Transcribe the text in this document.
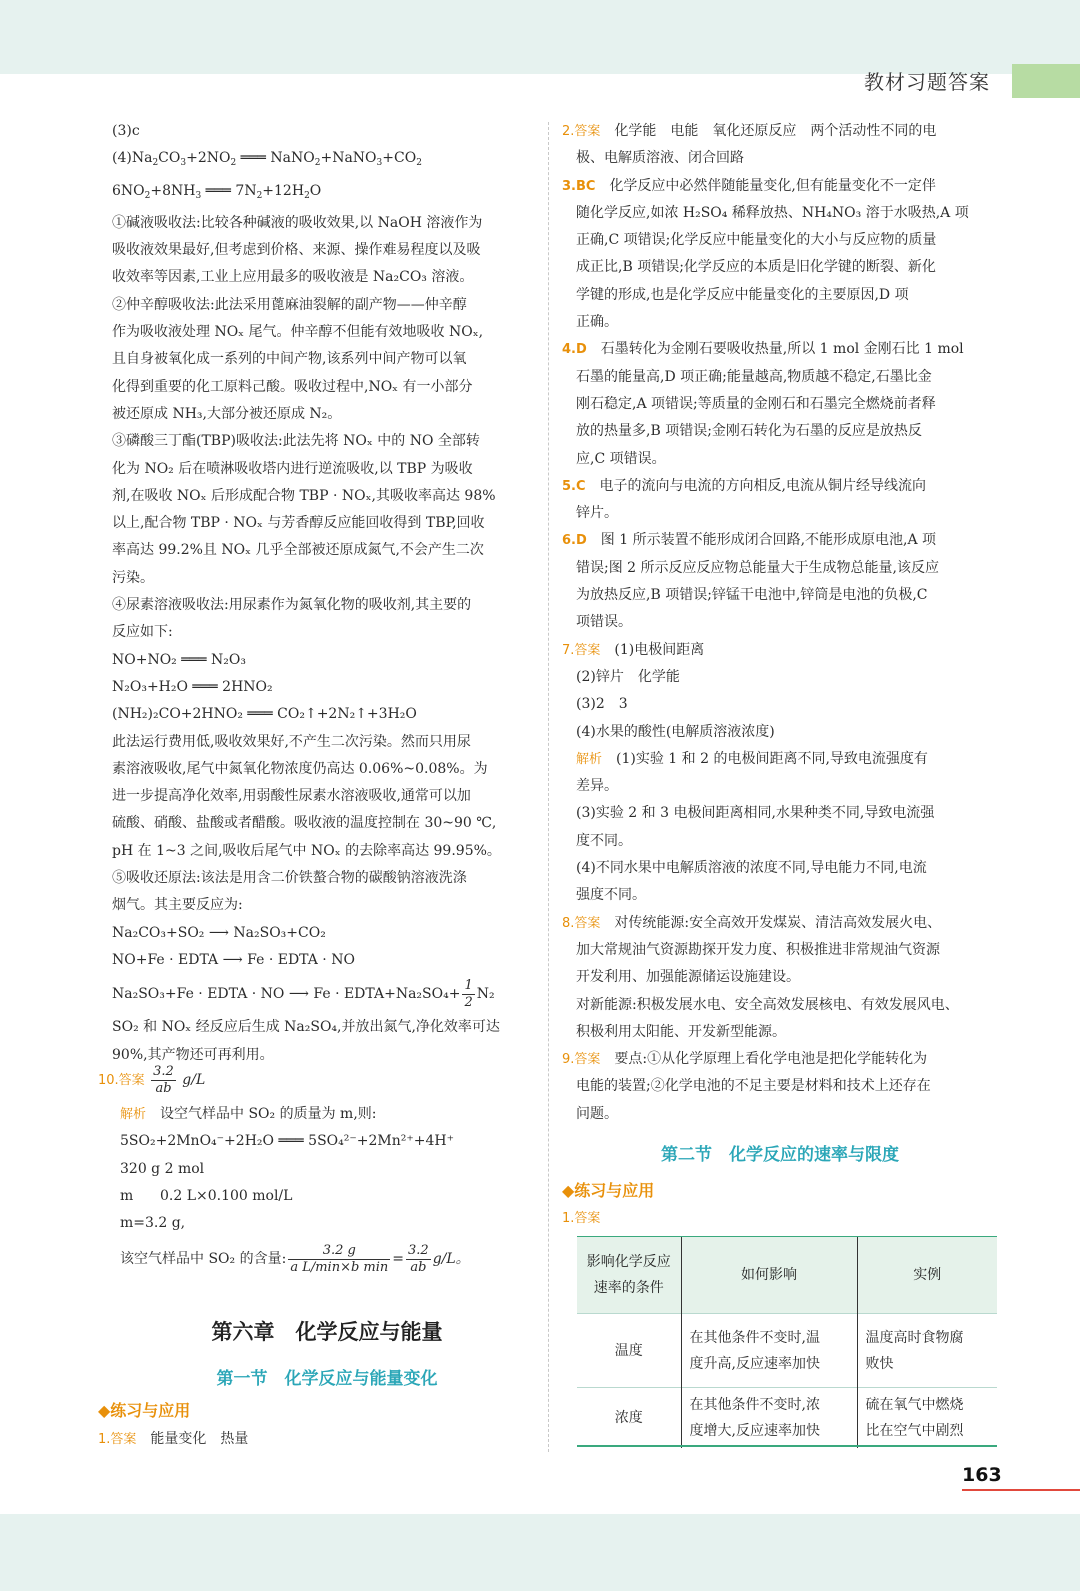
教材习题答案
(3)c
$(4)Na_2CO_3+2NO_2$ ═══ $NaNO_2+NaNO_3+CO_2$
$6NO_2+8NH_3$ ═══ $7N_2+12H_2O$
①碱液吸收法:比较各种碱液的吸收效果,以 NaOH 溶液作为
吸收液效果最好,但考虑到价格、来源、操作难易程度以及吸
收效率等因素,工业上应用最多的吸收液是 Na₂CO₃ 溶液。
②仲辛醇吸收法:此法采用蓖麻油裂解的副产物——仲辛醇
作为吸收液处理 NOₓ 尾气。仲辛醇不但能有效地吸收 NOₓ,
且自身被氧化成一系列的中间产物,该系列中间产物可以氧
化得到重要的化工原料己酸。吸收过程中,NOₓ 有一小部分
被还原成 NH₃,大部分被还原成 N₂。
③磷酸三丁酯(TBP)吸收法:此法先将 NOₓ 中的 NO 全部转
化为 NO₂ 后在喷淋吸收塔内进行逆流吸收,以 TBP 为吸收
剂,在吸收 NOₓ 后形成配合物 TBP · NOₓ,其吸收率高达 98%
以上,配合物 TBP · NOₓ 与芳香醇反应能回收得到 TBP,回收
率高达 99.2%且 NOₓ 几乎全部被还原成氮气,不会产生二次
污染。
④尿素溶液吸收法:用尿素作为氮氧化物的吸收剂,其主要的
反应如下:
NO+NO₂ ═══ N₂O₃
N₂O₃+H₂O ═══ 2HNO₂
(NH₂)₂CO+2HNO₂ ═══ CO₂↑+2N₂↑+3H₂O
此法运行费用低,吸收效果好,不产生二次污染。然而只用尿
素溶液吸收,尾气中氮氧化物浓度仍高达 0.06%~0.08%。为
进一步提高净化效率,用弱酸性尿素水溶液吸收,通常可以加
硫酸、硝酸、盐酸或者醋酸。吸收液的温度控制在 30~90 ℃,
pH 在 1~3 之间,吸收后尾气中 NOₓ 的去除率高达 99.95%。
⑤吸收还原法:该法是用含二价铁螯合物的碳酸钠溶液洗涤
烟气。其主要反应为:
Na₂CO₃+SO₂ ⟶ Na₂SO₃+CO₂
NO+Fe · EDTA ⟶ Fe · EDTA · NO
Na₂SO₃+Fe · EDTA · NO ⟶ Fe · EDTA+Na₂SO₄+ $\frac{1}{2} N_2$
SO₂ 和 NOₓ 经反应后生成 Na₂SO₄,并放出氮气,净化效率可达
90%,其产物还可再利用。
10.答案 $\frac{3.2}{ab} g/L$
解析　 设空气样品中 SO₂ 的质量为 m,则:
5SO₂+2MnO₄⁻+2H₂O ═══ 5SO₄²⁻+2Mn²⁺+4H⁺
320 g 2 mol
m      0.2 L×0.100 mol/L
m=3.2 g,
该空气样品中 SO₂ 的含量: $\frac{3.2 g}{\text{a L/min×b min}} = \frac{3.2}{ab} g/L$。
第六章　化学反应与能量
第一节　化学反应与能量变化
◆练习与应用
1.答案　 能量变化　热量
2.答案　 化学能　电能　氧化还原反应　两个活动性不同的电
极、电解质溶液、闭合回路
3.BC　 化学反应中必然伴随能量变化,但有能量变化不一定伴
随化学反应,如浓 H₂SO₄ 稀释放热、NH₄NO₃ 溶于水吸热,A 项
正确,C 项错误;化学反应中能量变化的大小与反应物的质量
成正比,B 项错误;化学反应的本质是旧化学键的断裂、新化
学键的形成,也是化学反应中能量变化的主要原因,D 项
正确。
4.D　 石墨转化为金刚石要吸收热量,所以 1 mol 金刚石比 1 mol
石墨的能量高,D 项正确;能量越高,物质越不稳定,石墨比金
刚石稳定,A 项错误;等质量的金刚石和石墨完全燃烧前者释
放的热量多,B 项错误;金刚石转化为石墨的反应是放热反
应,C 项错误。
5.C　 电子的流向与电流的方向相反,电流从铜片经导线流向
锌片。
6.D　 图 1 所示装置不能形成闭合回路,不能形成原电池,A 项
错误;图 2 所示反应反应物总能量大于生成物总能量,该反应
为放热反应,B 项错误;锌锰干电池中,锌筒是电池的负极,C
项错误。
7.答案　 (1)电极间距离
(2)锌片　化学能
(3)2　3
(4)水果的酸性(电解质溶液浓度)
解析　 (1)实验 1 和 2 的电极间距离不同,导致电流强度有
差异。
(3)实验 2 和 3 电极间距离相同,水果种类不同,导致电流强
度不同。
(4)不同水果中电解质溶液的浓度不同,导电能力不同,电流
强度不同。
8.答案　 对传统能源:安全高效开发煤炭、清洁高效发展火电、
加大常规油气资源勘探开发力度、积极推进非常规油气资源
开发利用、加强能源储运设施建设。
对新能源:积极发展水电、安全高效发展核电、有效发展风电、
积极利用太阳能、开发新型能源。
9.答案　 要点:①从化学原理上看化学电池是把化学能转化为
电能的装置;②化学电池的不足主要是材料和技术上还存在
问题。
第二节　化学反应的速率与限度
◆练习与应用
1.答案
影响化学反应
速率的条件	如何影响	实例
温度	在其他条件不变时,温
度升高,反应速率加快	温度高时食物腐
败快
浓度	在其他条件不变时,浓
度增大,反应速率加快	硫在氧气中燃烧
比在空气中剧烈
163
